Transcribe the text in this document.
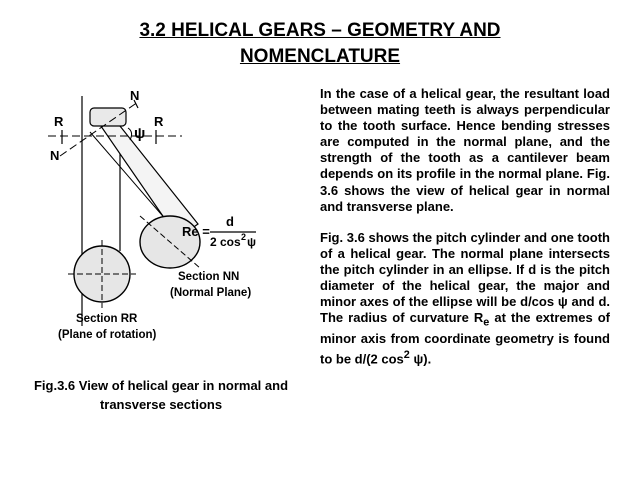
3.2 HELICAL GEARS – GEOMETRY AND
NOMENCLATURE
N
N
R	R
ψ
Re =
d
2 cos 2 ψ
Section NN
(Normal Plane)
Section RR
(Plane of rotation)
Fig.3.6 View of helical gear in normal and
transverse sections

In the case of a helical gear, the resultant load between mating teeth is always perpendicular to the tooth surface. Hence bending stresses are computed in the normal plane, and the strength of the tooth as a cantilever beam depends on its profile in the normal plane. Fig. 3.6 shows the view of helical gear in normal and transverse plane.

Fig. 3.6 shows the pitch cylinder and one tooth of a helical gear. The normal plane intersects the pitch cylinder in an ellipse. If d is the pitch diameter of the helical gear, the major and minor axes of the ellipse will be d/cos ψ and d. The radius of curvature $R_e$ at the extremes of minor axis from coordinate geometry is found to be d/(2 $\cos^2 \psi$).
